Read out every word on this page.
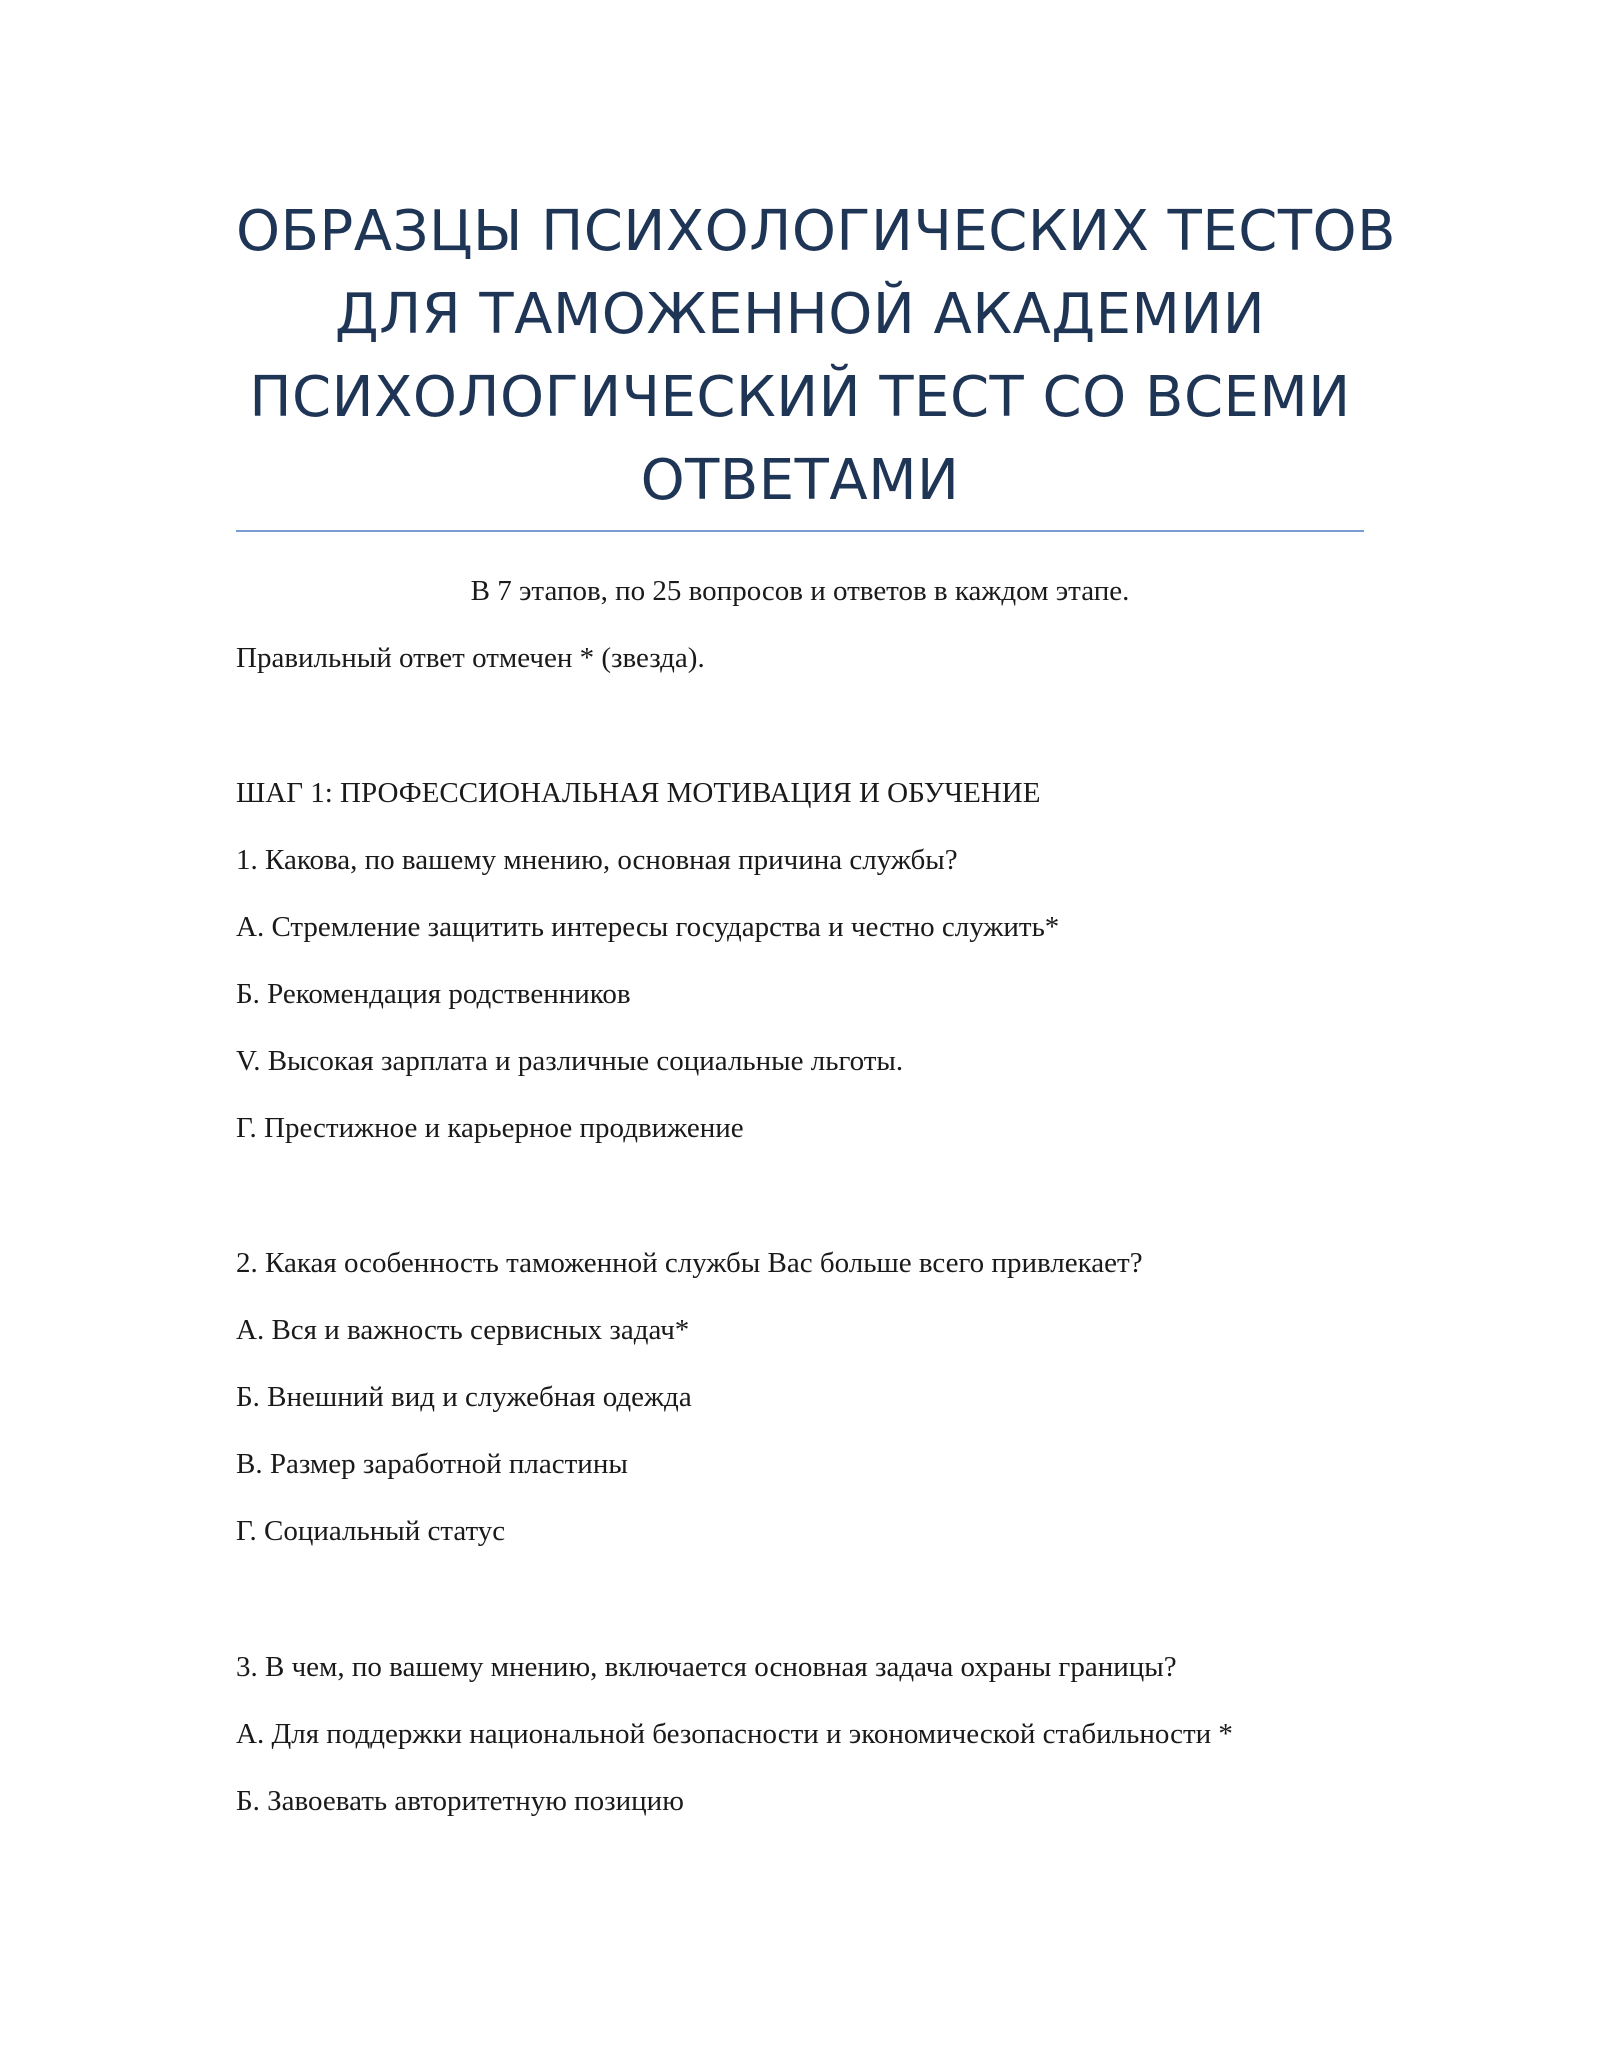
ОБРАЗЦЫ ПСИХОЛОГИЧЕСКИХ ТЕСТОВ
ДЛЯ ТАМОЖЕННОЙ АКАДЕМИИ
ПСИХОЛОГИЧЕСКИЙ ТЕСТ СО ВСЕМИ
ОТВЕТАМИ

В 7 этапов, по 25 вопросов и ответов в каждом этапе.

Правильный ответ отмечен * (звезда).

ШАГ 1: ПРОФЕССИОНАЛЬНАЯ МОТИВАЦИЯ И ОБУЧЕНИЕ

1. Какова, по вашему мнению, основная причина службы?

А. Стремление защитить интересы государства и честно служить*

Б. Рекомендация родственников

V. Высокая зарплата и различные социальные льготы.

Г. Престижное и карьерное продвижение

2. Какая особенность таможенной службы Вас больше всего привлекает?

А. Вся и важность сервисных задач*

Б. Внешний вид и служебная одежда

В. Размер заработной пластины

Г. Социальный статус

3. В чем, по вашему мнению, включается основная задача охраны границы?

А. Для поддержки национальной безопасности и экономической стабильности *

Б. Завоевать авторитетную позицию
